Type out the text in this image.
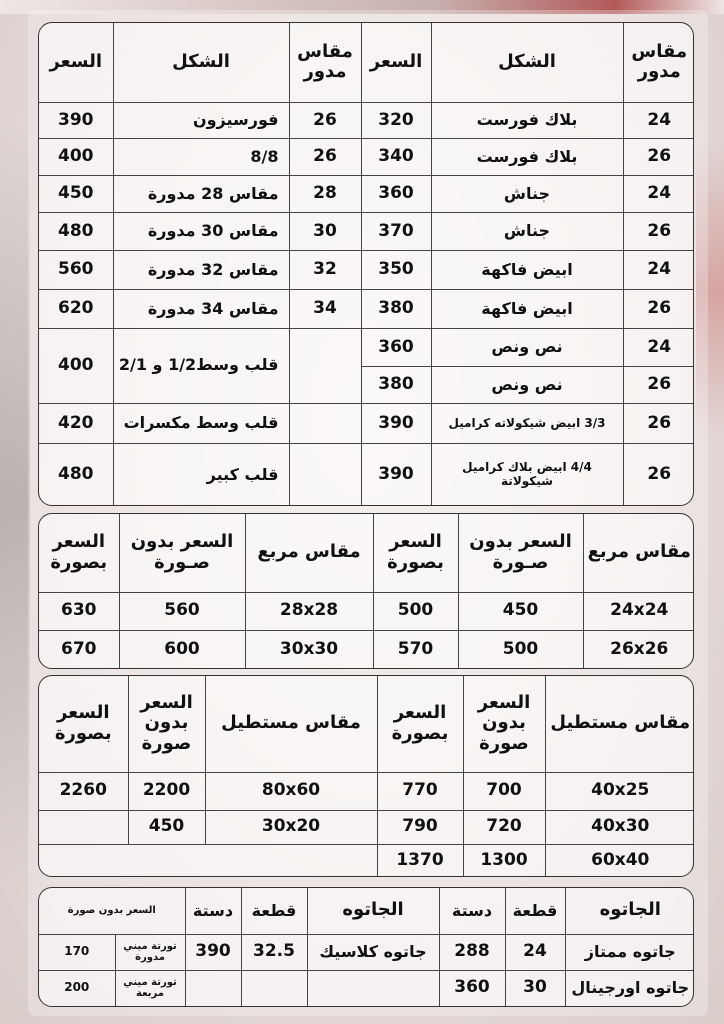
مقاس مدور	الشكل	السعر	مقاس مدور	الشكل	السعر
24	بلاك فورست	320	26	فورسيزون	390
26	بلاك فورست	340	26	8/8	400
24	جناش	360	28	مقاس 28 مدورة	450
26	جناش	370	30	مقاس 30 مدورة	480
24	ابيض فاكهة	350	32	مقاس 32 مدورة	560
26	ابيض فاكهة	380	34	مقاس 34 مدورة	620
24	نص ونص	360		قلب وسط1/2 و 2/1	400
26	نص ونص	380			
26	3/3 ابيض شيكولاته كراميل	390		قلب وسط مكسرات	420
26	4/4 ابيض بلاك كراميل شيكولاتة	390		قلب كبير	480
مقاس مربع	السعر بدون صـورة	السعر بصورة	مقاس مربع	السعر بدون صـورة	السعر بصورة
24x24	450	500	28x28	560	630
26x26	500	570	30x30	600	670
مقاس مستطيل	السعر بدون صورة	السعر بصورة	مقاس مستطيل	السعر بدون صورة	السعر بصورة
40x25	700	770	80x60	2200	2260
40x30	720	790	30x20	450	
60x40	1300	1370			
الجاتوه	قطعة	دستة	الجاتوه	قطعة	دستة	السعر بدون صورة	
جاتوه ممتاز	24	288	جاتوه كلاسيك	32.5	390	تورتة ميني مدورة	170
جاتوه اورجينال	30	360				تورتة ميني مربعة	200
